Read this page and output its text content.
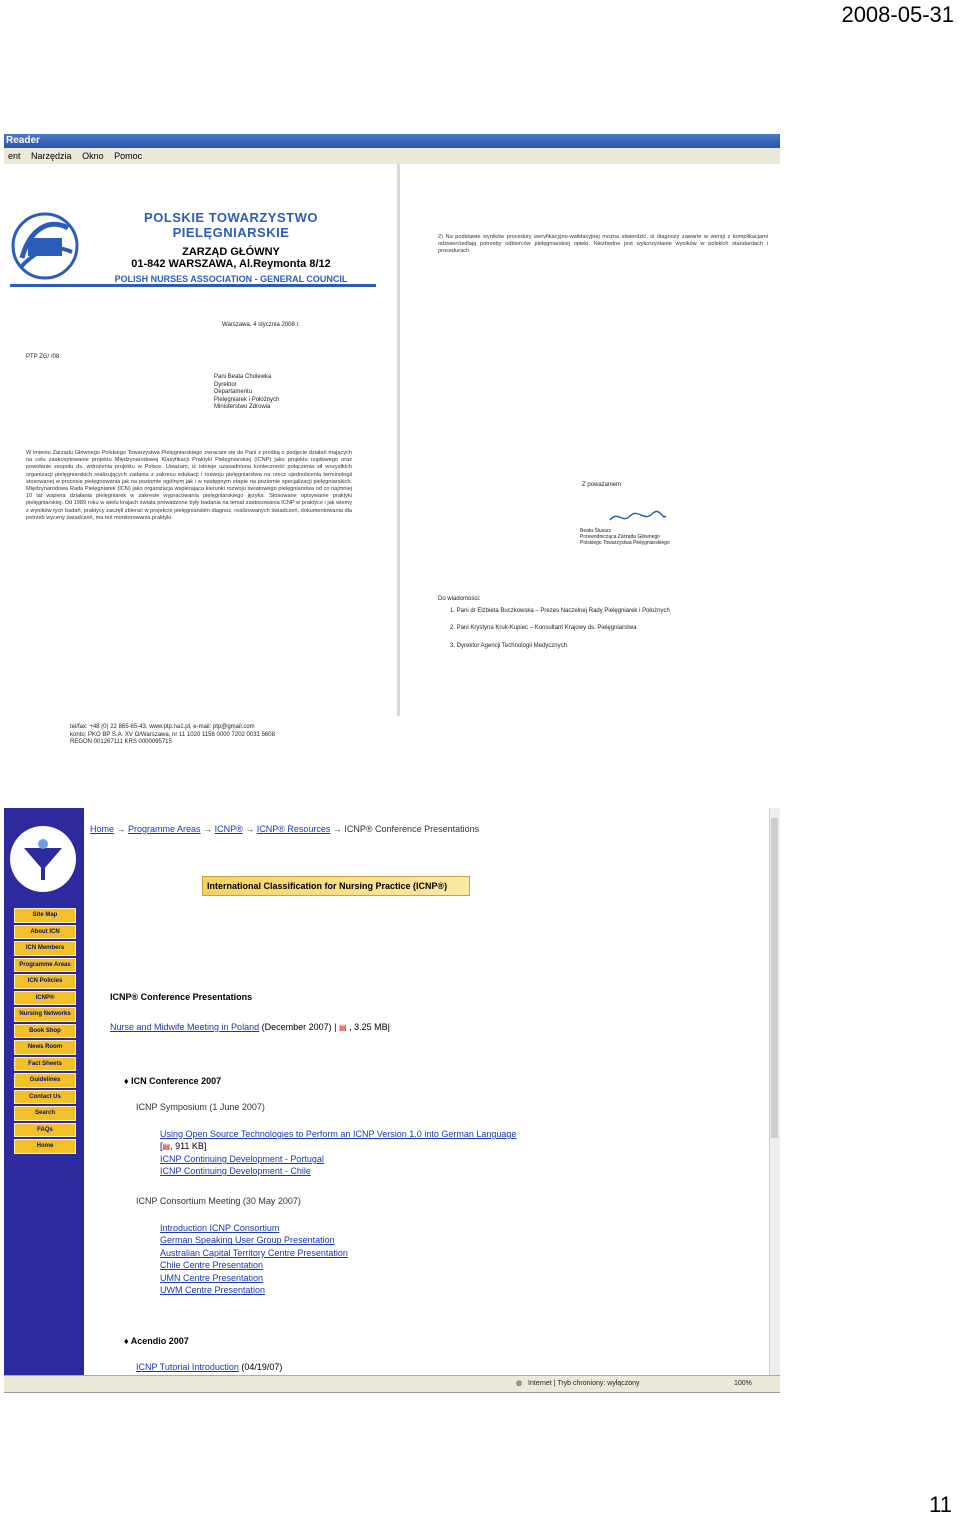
2008-05-31
Reader
ent Narzędzia Okno Pomoc
POLSKIE TOWARZYSTWO PIELĘGNIARSKIE
ZARZĄD GŁÓWNY
01-842 WARSZAWA, Al.Reymonta 8/12
POLISH NURSES ASSOCIATION - GENERAL COUNCIL
Warszawa, 4 stycznia 2008 r.
PTP ZG/ /08
Pani Beata Cholewka
Dyrektor
Departamentu
Pielęgniarek i Położnych
Ministerstwo Zdrowia
W imieniu Zarządu Głównego Polskiego Towarzystwa Pielęgniarskiego zwracam się do Pani z prośbą o podjęcie działań mających na celu zaakceptowanie projektu Międzynarodowej Klasyfikacji Praktyki Pielęgniarskiej (ICNP) jako projektu rządowego oraz powołanie zespołu ds. wdrożenia projektu w Polsce. Uważam, iż istnieje uzasadniona konieczność połączenia sił wszystkich organizacji pielęgniarskich realizujących zadania z zakresu edukacji i rozwoju pielęgniarstwa na rzecz ujednolicenia terminologii stosowanej w procesie pielęgnowania jak na poziomie ogólnym jak i w następnym etapie na poziomie specjalizacji pielęgniarskich. Międzynarodowa Rada Pielęgniarek (ICN) jako organizacja wspierająca kierunki rozwoju światowego pielęgniarstwa od co najmniej 10 lat wspiera działania pielęgniarek w zakresie wypracowania pielęgniarskiego języka. Stosowane opisywanie praktyki pielęgniarskiej. Od 1989 roku w wielu krajach świata prowadzone były badania na temat zastosowania ICNP w praktyce i jak wiemy z wyników tych badań, praktycy zaczęli zbierać w projekcie pielęgniarskim diagnoz, realizowanych świadczeń, dokumentowania dla potrzeb wyceny świadczeń, ma też monitorowania praktyki.
tel/fax: +48 (0) 22 865-65-43, www.ptp.na1.pl, e-mail: ptp@gmail.com
konto: PKO BP S.A. XV O/Warszawa, nr 11 1020 1156 0000 7202 0031 5608
REGON 001267111 KRS 0000095715
2) Na podstawie wyników procedury weryfikacyjno-walidacyjnej można stwierdzić, iż diagnozy zawarte w wersji z komplikacjami odzwierciedlają potrzeby odbiorców pielęgniarskiej opieki. Niezbędne jest wykorzystanie wyników w polskich standardach i procedurach.
Z poważaniem
Beata Ślusarz
Przewodnicząca Zarządu Głównego
Polskiego Towarzystwa Pielęgniarskiego
Do wiadomości:
1. Pani dr Elżbieta Buczkowska – Prezes Naczelnej Rady Pielęgniarek i Położnych
2. Pani Krystyna Kruk-Kupiec – Konsultant Krajowy ds. Pielęgniarstwa
3. Dyrektor Agencji Technologii Medycznych
Site Map
About ICN
ICN Members
Programme Areas
ICN Policies
ICNP®
Nursing Networks
Book Shop
News Room
Fact Sheets
Guidelines
Contact Us
Search
FAQs
Home
Home → Programme Areas → ICNP® → ICNP® Resources → ICNP® Conference Presentations
International Classification for Nursing Practice (ICNP®)
ICNP® Conference Presentations
Nurse and Midwife Meeting in Poland (December 2007) | ▤ , 3.25 MB|
♦ ICN Conference 2007
ICNP Symposium (1 June 2007)
Using Open Source Technologies to Perform an ICNP Version 1.0 into German Language
[▤, 911 KB]
ICNP Continuing Development - Portugal
ICNP Continuing Development - Chile
ICNP Consortium Meeting (30 May 2007)
Introduction ICNP Consortium
German Speaking User Group Presentation
Australian Capital Territory Centre Presentation
Chile Centre Presentation
UMN Centre Presentation
UWM Centre Presentation
♦ Acendio 2007
ICNP Tutorial Introduction (04/19/07)
◍ Internet | Tryb chroniony: wyłączony	100%
11
